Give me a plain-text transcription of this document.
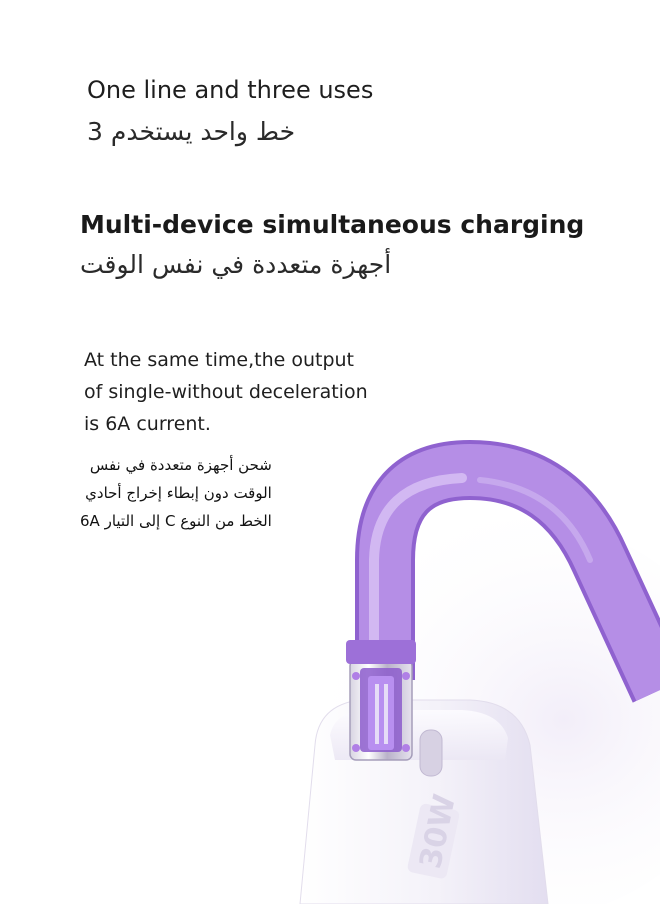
30W
One line and three uses
خط واحد يستخدم 3
Multi-device simultaneous charging
أجهزة متعددة في نفس الوقت
At the same time,the output
of single-without deceleration
is 6A current.
شحن أجهزة متعددة في نفس
الوقت دون إبطاء إخراج أحادي
الخط من النوع C إلى التيار 6A
